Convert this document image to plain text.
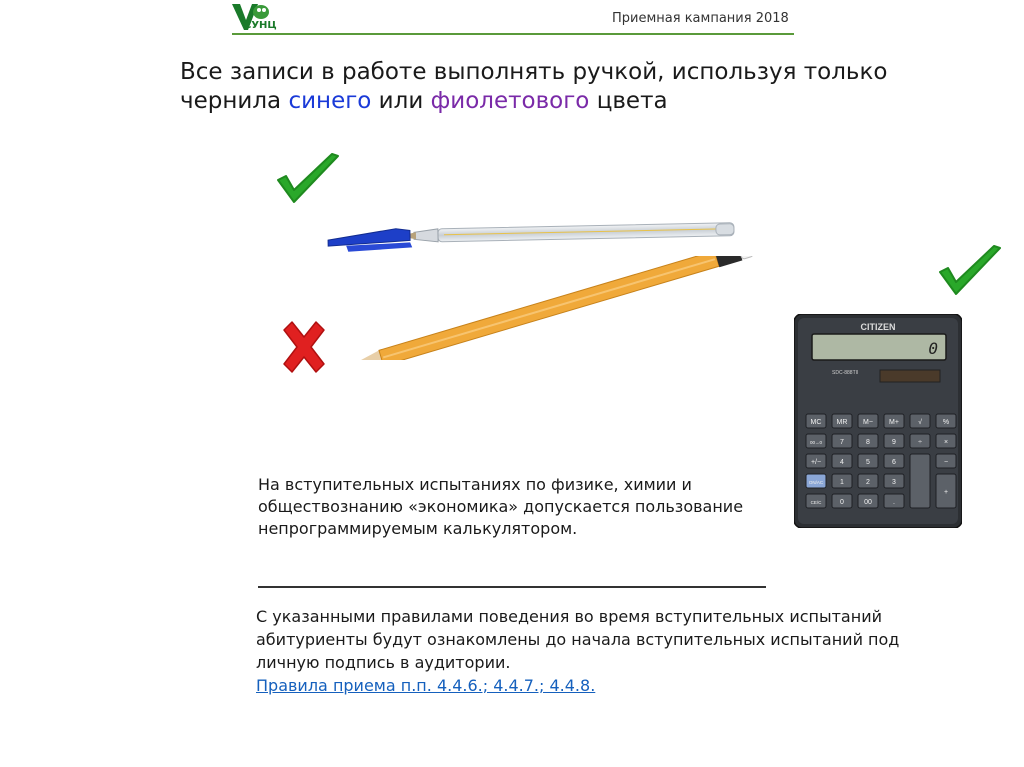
СУНЦ	Приемная кампания 2018
Все записи в работе выполнять ручкой, используя только чернила синего или фиолетового цвета
CITIZEN
0
SDC-888TII
MC MR M− M+	√	%
00→0	7	8	9	÷	×
+/−	4	5	6	−
ON/AC 1	2	3
+
CE/C	0	00	.
На вступительных испытаниях по физике, химии и обществознанию «экономика» допускается пользование непрограммируемым калькулятором.
С указанными правилами поведения во время вступительных испытаний абитуриенты будут ознакомлены до начала вступительных испытаний под личную подпись в аудитории.
Правила приема п.п. 4.4.6.; 4.4.7.; 4.4.8.
